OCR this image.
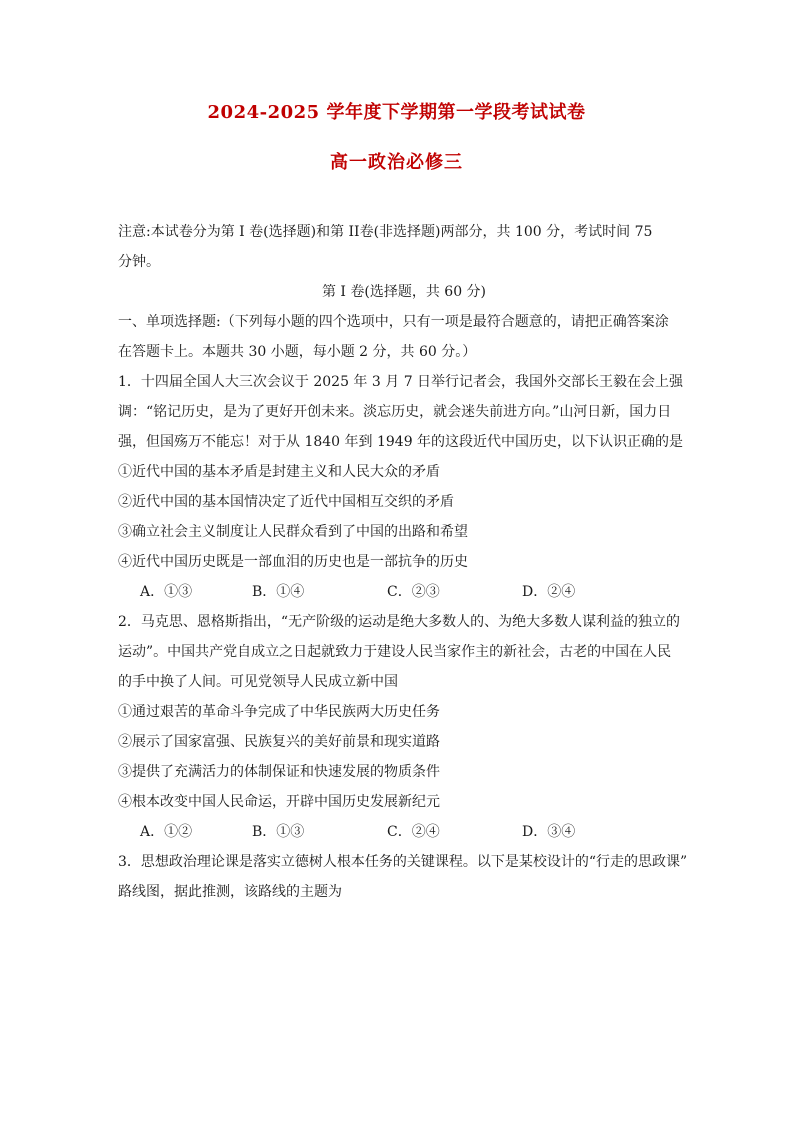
2024-2025 学年度下学期第一学段考试试卷
高一政治必修三
注意:本试卷分为第 I 卷(选择题)和第 II卷(非选择题)两部分，共 100 分，考试时间 75
分钟。
第 I 卷(选择题，共 60 分)
一、单项选择题:（下列每小题的四个选项中，只有一项是最符合题意的，请把正确答案涂
在答题卡上。本题共 30 小题，每小题 2 分，共 60 分。）
1．十四届全国人大三次会议于 2025 年 3 月 7 日举行记者会，我国外交部长王毅在会上强
调：“铭记历史，是为了更好开创未来。淡忘历史，就会迷失前进方向。”山河日新，国力日
强，但国殇万不能忘！对于从 1840 年到 1949 年的这段近代中国历史，以下认识正确的是
①近代中国的基本矛盾是封建主义和人民大众的矛盾
②近代中国的基本国情决定了近代中国相互交织的矛盾
③确立社会主义制度让人民群众看到了中国的出路和希望
④近代中国历史既是一部血泪的历史也是一部抗争的历史
A．①③	B．①④	C．②③	D．②④
2．马克思、恩格斯指出，“无产阶级的运动是绝大多数人的、为绝大多数人谋利益的独立的
运动”。中国共产党自成立之日起就致力于建设人民当家作主的新社会，古老的中国在人民
的手中换了人间。可见党领导人民成立新中国
①通过艰苦的革命斗争完成了中华民族两大历史任务
②展示了国家富强、民族复兴的美好前景和现实道路
③提供了充满活力的体制保证和快速发展的物质条件
④根本改变中国人民命运，开辟中国历史发展新纪元
A．①②	B．①③	C．②④	D．③④
3．思想政治理论课是落实立德树人根本任务的关键课程。以下是某校设计的“行走的思政课”
路线图，据此推测，该路线的主题为
